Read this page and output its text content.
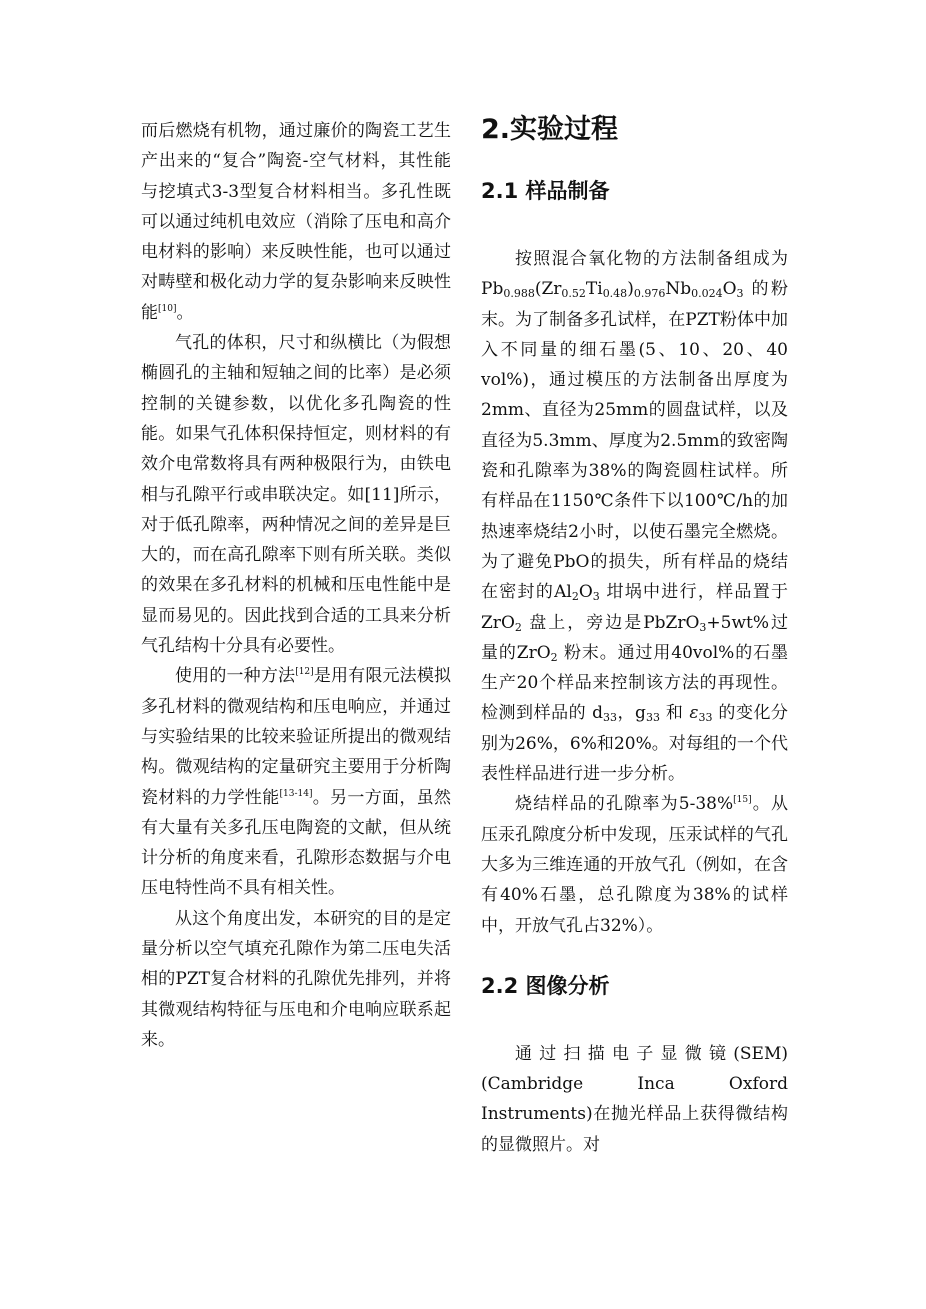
而后燃烧有机物，通过廉价的陶瓷工艺生产出来的“复合”陶瓷-空气材料，其性能与挖填式3-3型复合材料相当。多孔性既可以通过纯机电效应（消除了压电和高介电材料的影响）来反映性能，也可以通过对畴壁和极化动力学的复杂影响来反映性能[10]。

气孔的体积，尺寸和纵横比（为假想椭圆孔的主轴和短轴之间的比率）是必须控制的关键参数，以优化多孔陶瓷的性能。如果气孔体积保持恒定，则材料的有效介电常数将具有两种极限行为，由铁电相与孔隙平行或串联决定。如[11]所示，对于低孔隙率，两种情况之间的差异是巨大的，而在高孔隙率下则有所关联。类似的效果在多孔材料的机械和压电性能中是显而易见的。因此找到合适的工具来分析气孔结构十分具有必要性。

使用的一种方法[12]是用有限元法模拟多孔材料的微观结构和压电响应，并通过与实验结果的比较来验证所提出的微观结构。微观结构的定量研究主要用于分析陶瓷材料的力学性能[13-14]。另一方面，虽然有大量有关多孔压电陶瓷的文献，但从统计分析的角度来看，孔隙形态数据与介电压电特性尚不具有相关性。

从这个角度出发，本研究的目的是定量分析以空气填充孔隙作为第二压电失活相的PZT复合材料的孔隙优先排列，并将其微观结构特征与压电和介电响应联系起来。

2.实验过程
2.1 样品制备

按照混合氧化物的方法制备组成为 $Pb_{0.988}(Zr_{0.52}Ti_{0.48})_{0.976}Nb_{0.024}O_3$ 的粉末。为了制备多孔试样，在PZT粉体中加入不同量的细石墨(5、10、20、40 vol%)，通过模压的方法制备出厚度为2mm、直径为25mm的圆盘试样，以及直径为5.3mm、厚度为2.5mm的致密陶瓷和孔隙率为38%的陶瓷圆柱试样。所有样品在1150℃条件下以100℃/h的加热速率烧结2小时，以使石墨完全燃烧。为了避免PbO的损失，所有样品的烧结在密封的$Al_2O_3$ 坩埚中进行，样品置于ZrO$_2$ 盘上，旁边是PbZrO$_3$+5wt%过量的ZrO$_2$ 粉末。通过用40vol%的石墨生产20个样品来控制该方法的再现性。检测到样品的 $d_{33}$，$g_{33}$ 和 $\varepsilon_{33}$ 的变化分别为26%，6%和20%。对每组的一个代表性样品进行进一步分析。

烧结样品的孔隙率为5-38%[15]。从压汞孔隙度分析中发现，压汞试样的气孔大多为三维连通的开放气孔（例如，在含有40%石墨，总孔隙度为38%的试样中，开放气孔占32%）。

2.2 图像分析

通过扫描电子显微镜(SEM)(Cambridge Inca Oxford Instruments)在抛光样品上获得微结构的显微照片。对
